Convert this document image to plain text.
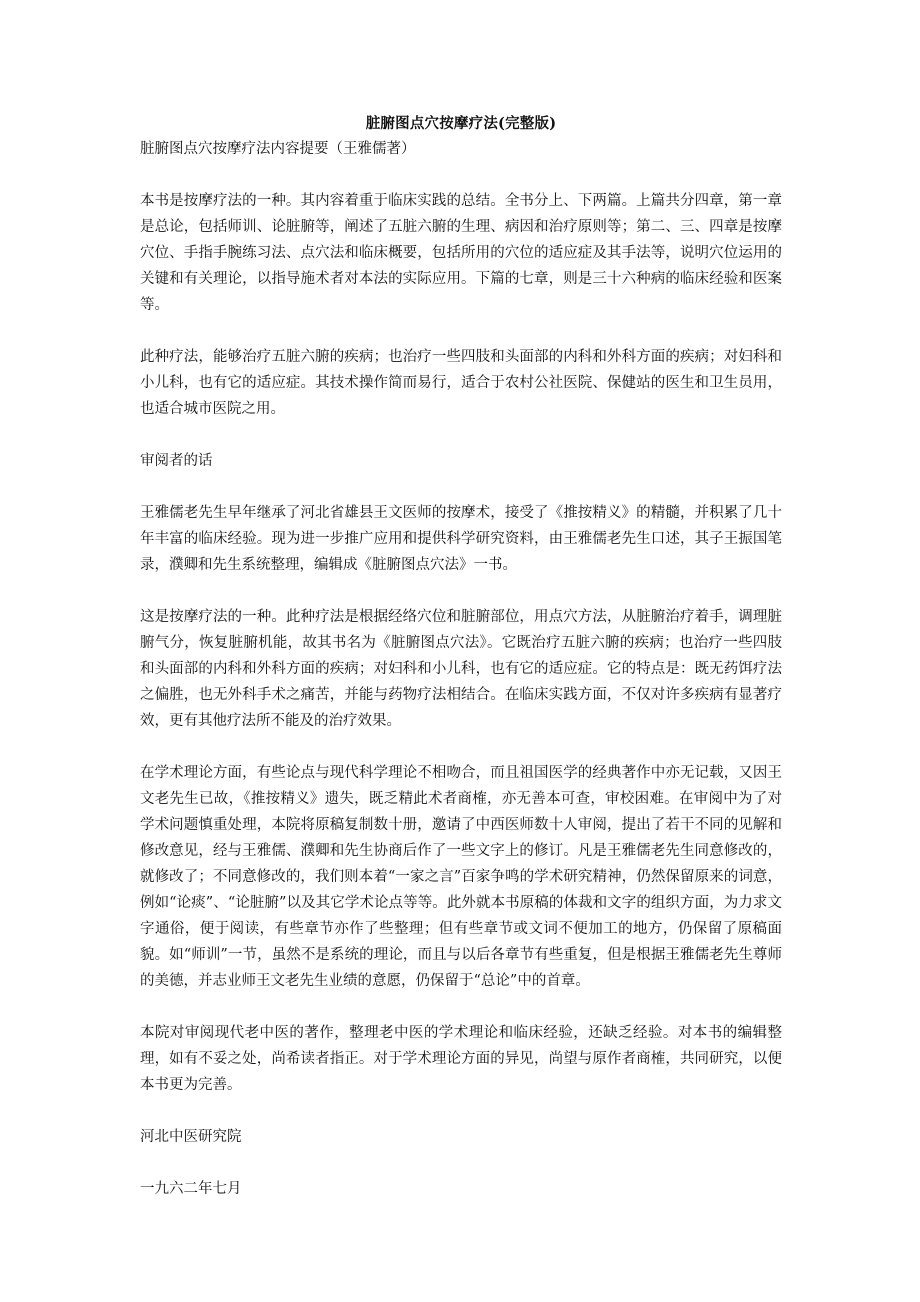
脏腑图点穴按摩疗法(完整版)
脏腑图点穴按摩疗法内容提要（王雅儒著）

本书是按摩疗法的一种。其内容着重于临床实践的总结。全书分上、下两篇。上篇共分四章，第一章是总论，包括师训、论脏腑等，阐述了五脏六腑的生理、病因和治疗原则等；第二、三、四章是按摩穴位、手指手腕练习法、点穴法和临床概要，包括所用的穴位的适应症及其手法等，说明穴位运用的关键和有关理论，以指导施术者对本法的实际应用。下篇的七章，则是三十六种病的临床经验和医案等。

此种疗法，能够治疗五脏六腑的疾病；也治疗一些四肢和头面部的内科和外科方面的疾病；对妇科和小儿科，也有它的适应症。其技术操作简而易行，适合于农村公社医院、保健站的医生和卫生员用，也适合城市医院之用。

审阅者的话

王雅儒老先生早年继承了河北省雄县王文医师的按摩术，接受了《推按精义》的精髓，并积累了几十年丰富的临床经验。现为进一步推广应用和提供科学研究资料，由王雅儒老先生口述，其子王振国笔录，濮卿和先生系统整理，编辑成《脏腑图点穴法》一书。

这是按摩疗法的一种。此种疗法是根据经络穴位和脏腑部位，用点穴方法，从脏腑治疗着手，调理脏腑气分，恢复脏腑机能，故其书名为《脏腑图点穴法》。它既治疗五脏六腑的疾病；也治疗一些四肢和头面部的内科和外科方面的疾病；对妇科和小儿科，也有它的适应症。它的特点是：既无药饵疗法之偏胜，也无外科手术之痛苦，并能与药物疗法相结合。在临床实践方面，不仅对许多疾病有显著疗效，更有其他疗法所不能及的治疗效果。

在学术理论方面，有些论点与现代科学理论不相吻合，而且祖国医学的经典著作中亦无记载，又因王文老先生已故，《推按精义》遗失，既乏精此术者商榷，亦无善本可查，审校困难。在审阅中为了对学术问题慎重处理，本院将原稿复制数十册，邀请了中西医师数十人审阅，提出了若干不同的见解和修改意见，经与王雅儒、濮卿和先生协商后作了一些文字上的修订。凡是王雅儒老先生同意修改的，就修改了；不同意修改的，我们则本着“一家之言”百家争鸣的学术研究精神，仍然保留原来的词意，例如“论痰”、“论脏腑”以及其它学术论点等等。此外就本书原稿的体裁和文字的组织方面，为力求文字通俗，便于阅读，有些章节亦作了些整理；但有些章节或文词不便加工的地方，仍保留了原稿面貌。如“师训”一节，虽然不是系统的理论，而且与以后各章节有些重复，但是根据王雅儒老先生尊师的美德，并志业师王文老先生业绩的意愿，仍保留于“总论”中的首章。

本院对审阅现代老中医的著作，整理老中医的学术理论和临床经验，还缺乏经验。对本书的编辑整理，如有不妥之处，尚希读者指正。对于学术理论方面的异见，尚望与原作者商榷，共同研究，以便本书更为完善。

河北中医研究院
一九六二年七月
